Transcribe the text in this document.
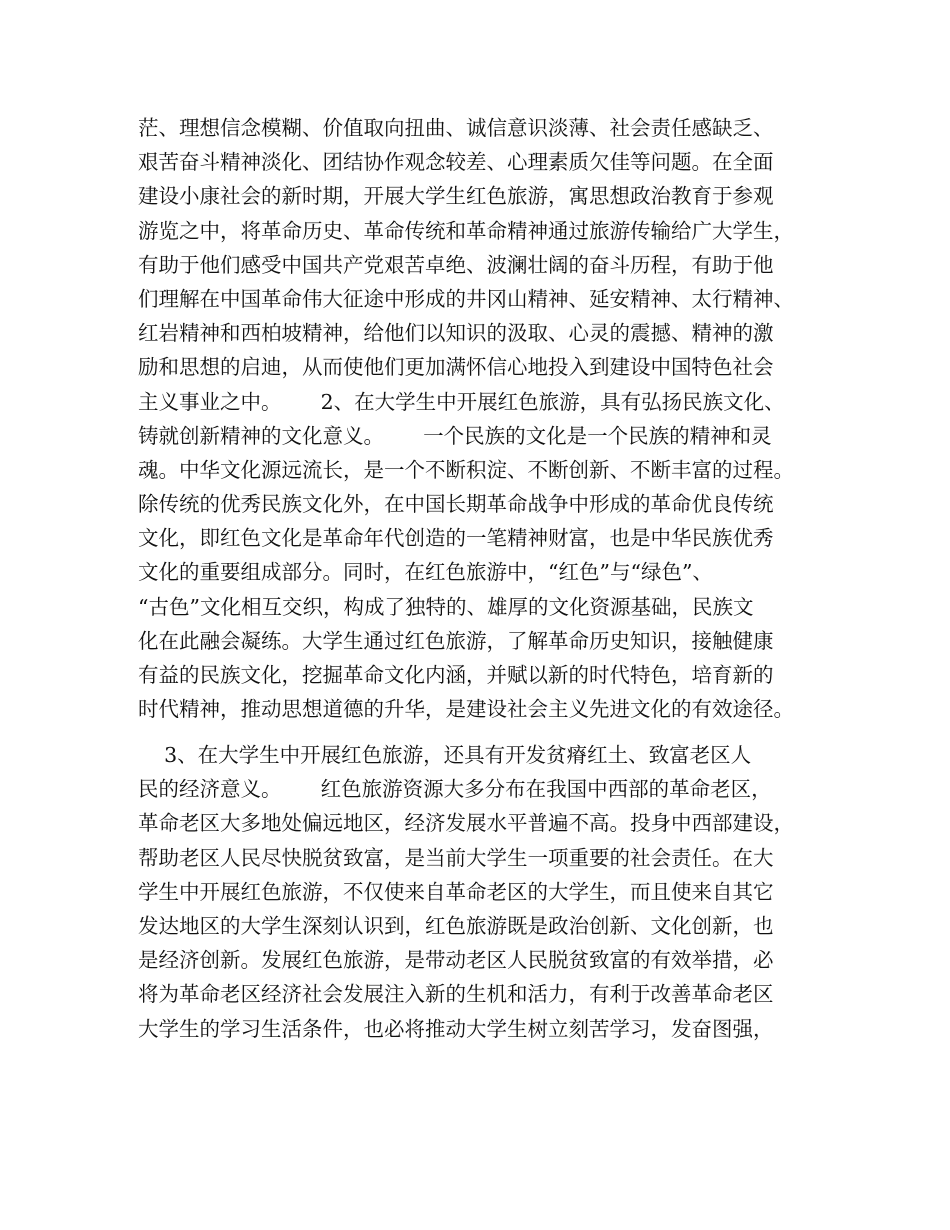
茫、理想信念模糊、价值取向扭曲、诚信意识淡薄、社会责任感缺乏、
艰苦奋斗精神淡化、团结协作观念较差、心理素质欠佳等问题。在全面
建设小康社会的新时期，开展大学生红色旅游，寓思想政治教育于参观
游览之中，将革命历史、革命传统和革命精神通过旅游传输给广大学生，
有助于他们感受中国共产党艰苦卓绝、波澜壮阔的奋斗历程，有助于他
们理解在中国革命伟大征途中形成的井冈山精神、延安精神、太行精神、
红岩精神和西柏坡精神，给他们以知识的汲取、心灵的震撼、精神的激
励和思想的启迪，从而使他们更加满怀信心地投入到建设中国特色社会
主义事业之中。      2、在大学生中开展红色旅游，具有弘扬民族文化、
铸就创新精神的文化意义。      一个民族的文化是一个民族的精神和灵
魂。中华文化源远流长，是一个不断积淀、不断创新、不断丰富的过程。
除传统的优秀民族文化外，在中国长期革命战争中形成的革命优良传统
文化，即红色文化是革命年代创造的一笔精神财富，也是中华民族优秀
文化的重要组成部分。同时，在红色旅游中，“红色”与“绿色”、
“古色”文化相互交织，构成了独特的、雄厚的文化资源基础，民族文
化在此融会凝练。大学生通过红色旅游，了解革命历史知识，接触健康
有益的民族文化，挖掘革命文化内涵，并赋以新的时代特色，培育新的
时代精神，推动思想道德的升华，是建设社会主义先进文化的有效途径。
3、在大学生中开展红色旅游，还具有开发贫瘠红土、致富老区人
民的经济意义。      红色旅游资源大多分布在我国中西部的革命老区，
革命老区大多地处偏远地区，经济发展水平普遍不高。投身中西部建设，
帮助老区人民尽快脱贫致富，是当前大学生一项重要的社会责任。在大
学生中开展红色旅游，不仅使来自革命老区的大学生，而且使来自其它
发达地区的大学生深刻认识到，红色旅游既是政治创新、文化创新，也
是经济创新。发展红色旅游，是带动老区人民脱贫致富的有效举措，必
将为革命老区经济社会发展注入新的生机和活力，有利于改善革命老区
大学生的学习生活条件，也必将推动大学生树立刻苦学习，发奋图强，
